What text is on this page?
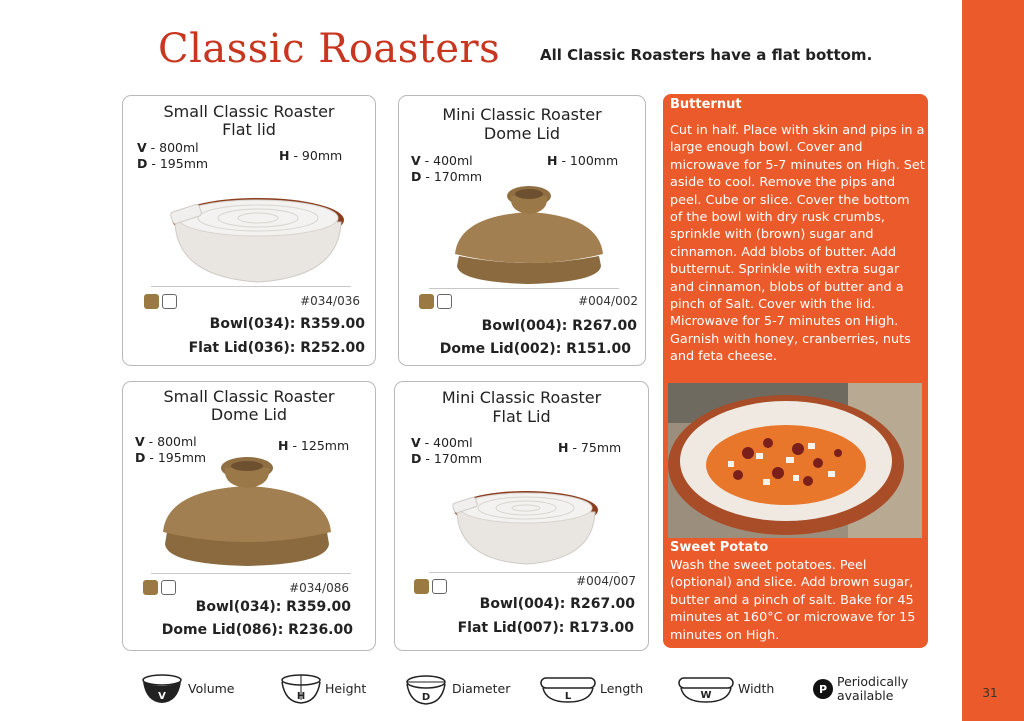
31
Classic Roasters	All Classic Roasters have a flat bottom.
Small Classic Roaster
Flat lid
V - 800ml
D - 195mm
H - 90mm
#034/036
Bowl(034): R359.00
Flat Lid(036): R252.00
Mini Classic Roaster
Dome Lid
V - 400ml
D - 170mm
H - 100mm
#004/002
Bowl(004): R267.00
Dome Lid(002): R151.00
Small Classic Roaster
Dome Lid
V - 800ml
D - 195mm
H - 125mm
#034/086
Bowl(034): R359.00
Dome Lid(086): R236.00
Mini Classic Roaster
Flat Lid
V - 400ml
D - 170mm
H - 75mm
#004/007
Bowl(004): R267.00
Flat Lid(007): R173.00
Butternut
Cut in half. Place with skin and pips in a large enough bowl. Cover and microwave for 5-7 minutes on High. Set aside to cool. Remove the pips and peel. Cube or slice. Cover the bottom of the bowl with dry rusk crumbs, sprinkle with (brown) sugar and cinnamon. Add blobs of butter. Add butternut. Sprinkle with extra sugar and cinnamon, blobs of butter and a pinch of Salt. Cover with the lid. Microwave for 5-7 minutes on High. Garnish with honey, cranberries, nuts and feta cheese.
Sweet Potato
Wash the sweet potatoes. Peel (optional) and slice. Add brown sugar, butter and a pinch of salt. Bake for 45 minutes at 160°C or microwave for 15 minutes on High.
V
Volume
H
Height
D
Diameter
L
Length	W Width	P
Periodically
available
